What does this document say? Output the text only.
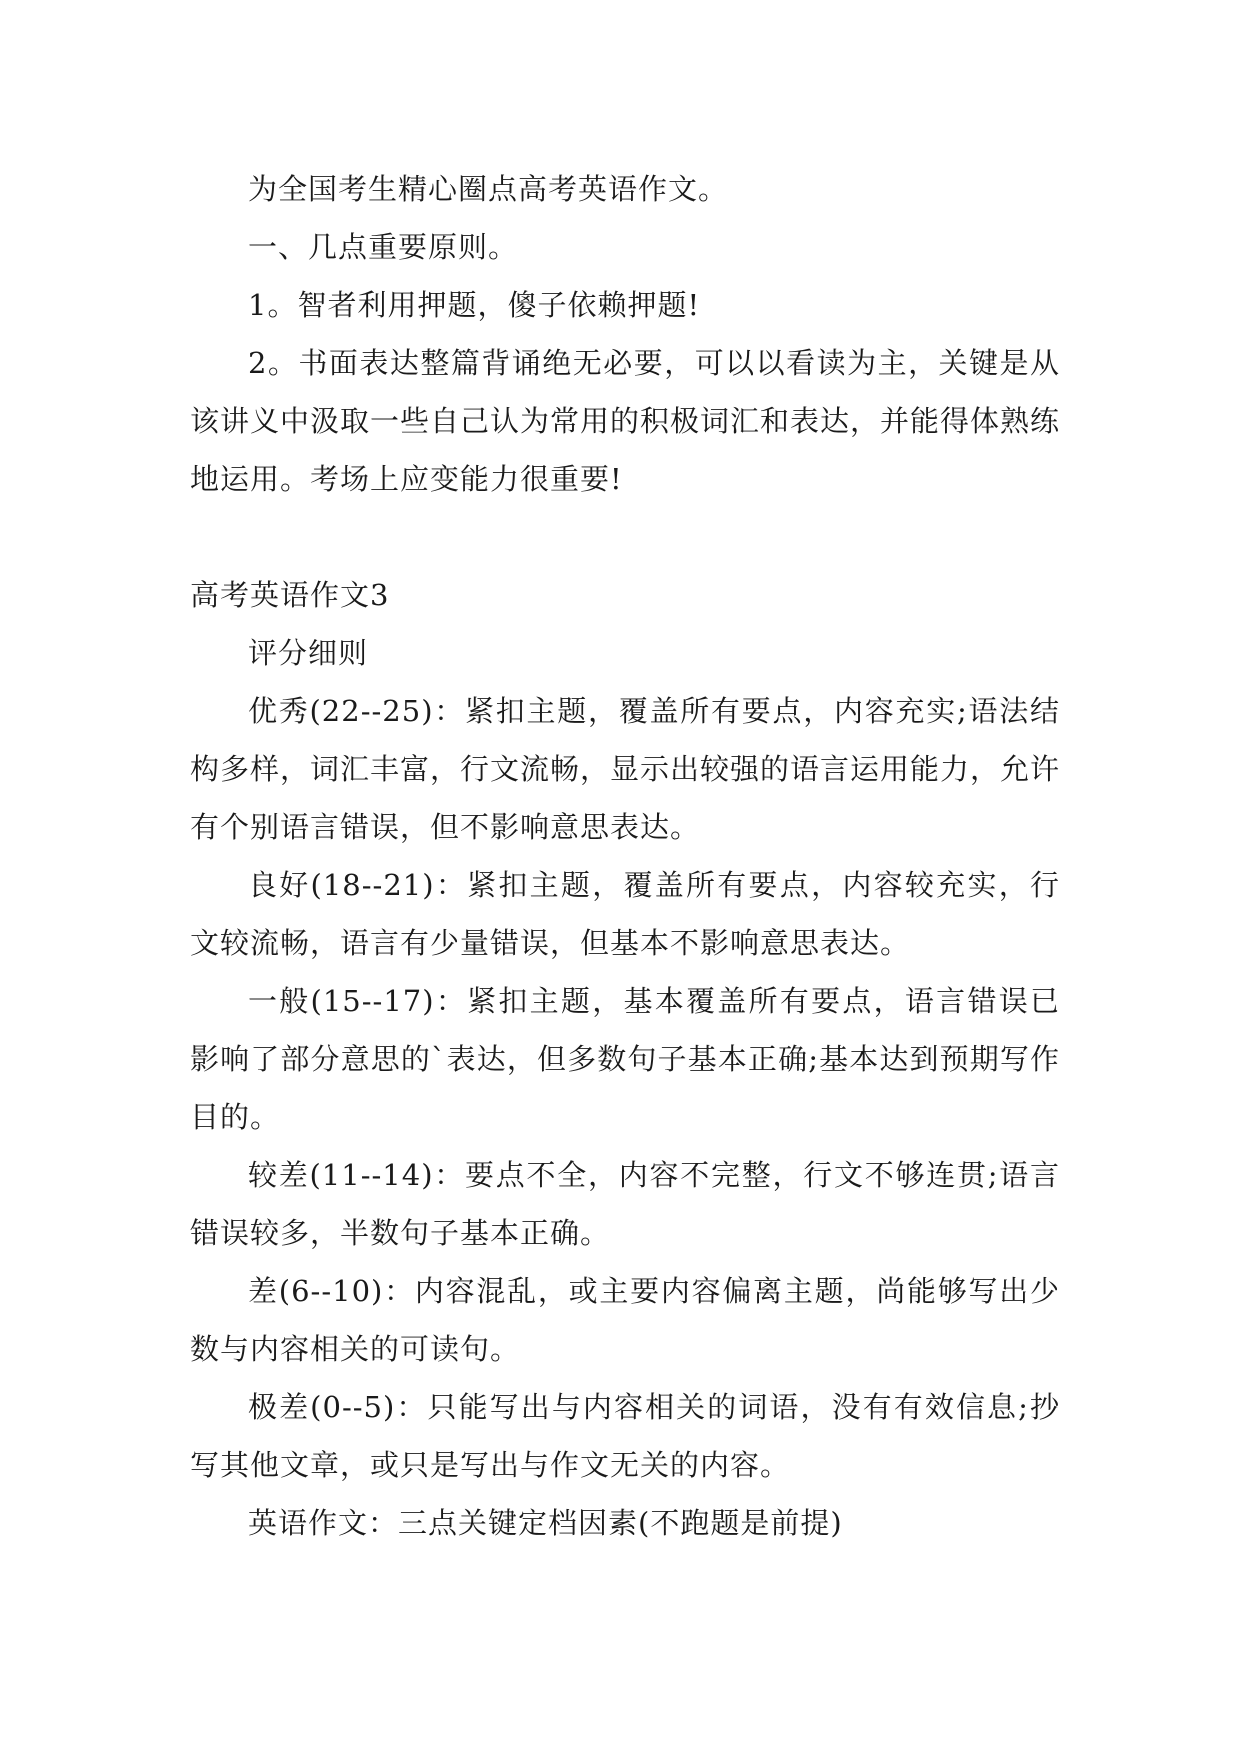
为全国考生精心圈点高考英语作文。

一、几点重要原则。

1。智者利用押题，傻子依赖押题!

2。书面表达整篇背诵绝无必要，可以以看读为主，关键是从该讲义中汲取一些自己认为常用的积极词汇和表达，并能得体熟练地运用。考场上应变能力很重要!

高考英语作文3

评分细则

优秀(22--25)：紧扣主题，覆盖所有要点，内容充实;语法结构多样，词汇丰富，行文流畅，显示出较强的语言运用能力，允许有个别语言错误，但不影响意思表达。

良好(18--21)：紧扣主题，覆盖所有要点，内容较充实，行文较流畅，语言有少量错误，但基本不影响意思表达。

一般(15--17)：紧扣主题，基本覆盖所有要点，语言错误已影响了部分意思的`表达，但多数句子基本正确;基本达到预期写作目的。

较差(11--14)：要点不全，内容不完整，行文不够连贯;语言错误较多，半数句子基本正确。

差(6--10)：内容混乱，或主要内容偏离主题，尚能够写出少数与内容相关的可读句。

极差(0--5)：只能写出与内容相关的词语，没有有效信息;抄写其他文章，或只是写出与作文无关的内容。

英语作文：三点关键定档因素(不跑题是前提)
